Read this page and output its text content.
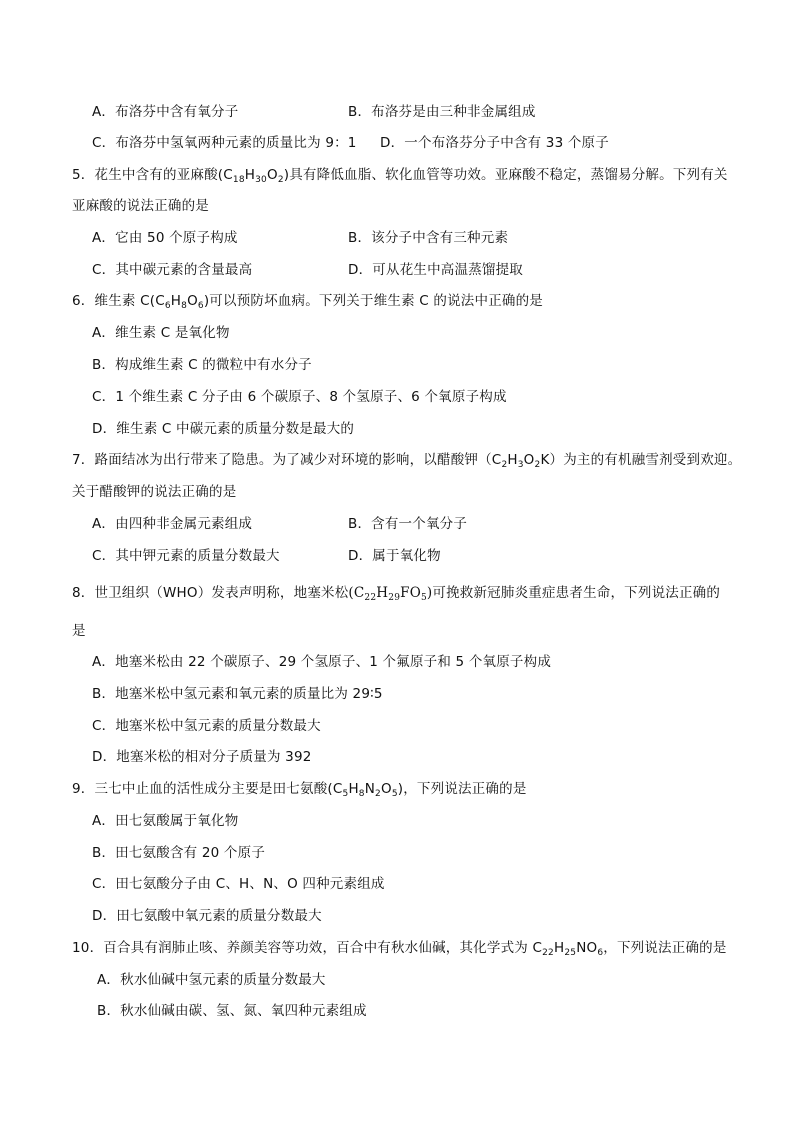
A．布洛芬中含有氧分子	B．布洛芬是由三种非金属组成
C．布洛芬中氢氧两种元素的质量比为 9：1 D．一个布洛芬分子中含有 33 个原子
5．花生中含有的亚麻酸$(C_{18}H_{30}O_2)$具有降低血脂、软化血管等功效。亚麻酸不稳定，蒸馏易分解。下列有关
亚麻酸的说法正确的是
A．它由 50 个原子构成	B．该分子中含有三种元素
C．其中碳元素的含量最高	D．可从花生中高温蒸馏提取
6．维生素 $C(C_6H_8O_6)$可以预防坏血病。下列关于维生素 C 的说法中正确的是
A．维生素 C 是氧化物
B．构成维生素 C 的微粒中有水分子
C．1 个维生素 C 分子由 6 个碳原子、8 个氢原子、6 个氧原子构成
D．维生素 C 中碳元素的质量分数是最大的
7．路面结冰为出行带来了隐患。为了减少对环境的影响，以醋酸钾$(C_2H_3O_2K)$为主的有机融雪剂受到欢迎。
关于醋酸钾的说法正确的是
A．由四种非金属元素组成	B．含有一个氧分子
C．其中钾元素的质量分数最大	D．属于氧化物
8．世卫组织（WHO）发表声明称，地塞米松$(C_{22}H_{29}FO_5)$可挽救新冠肺炎重症患者生命，下列说法正确的
是
A．地塞米松由 22 个碳原子、29 个氢原子、1 个氟原子和 5 个氧原子构成
B．地塞米松中氢元素和氧元素的质量比为 29∶5
C．地塞米松中氢元素的质量分数最大
D．地塞米松的相对分子质量为 392
9．三七中止血的活性成分主要是田七氨酸$(C_5H_8N_2O_5)$，下列说法正确的是
A．田七氨酸属于氧化物
B．田七氨酸含有 20 个原子
C．田七氨酸分子由 C、H、N、O 四种元素组成
D．田七氨酸中氧元素的质量分数最大
10．百合具有润肺止咳、养颜美容等功效，百合中有秋水仙碱，其化学式为 $C_{22}H_{25}NO_6$，下列说法正确的是
A．秋水仙碱中氢元素的质量分数最大
B．秋水仙碱由碳、氢、氮、氧四种元素组成
